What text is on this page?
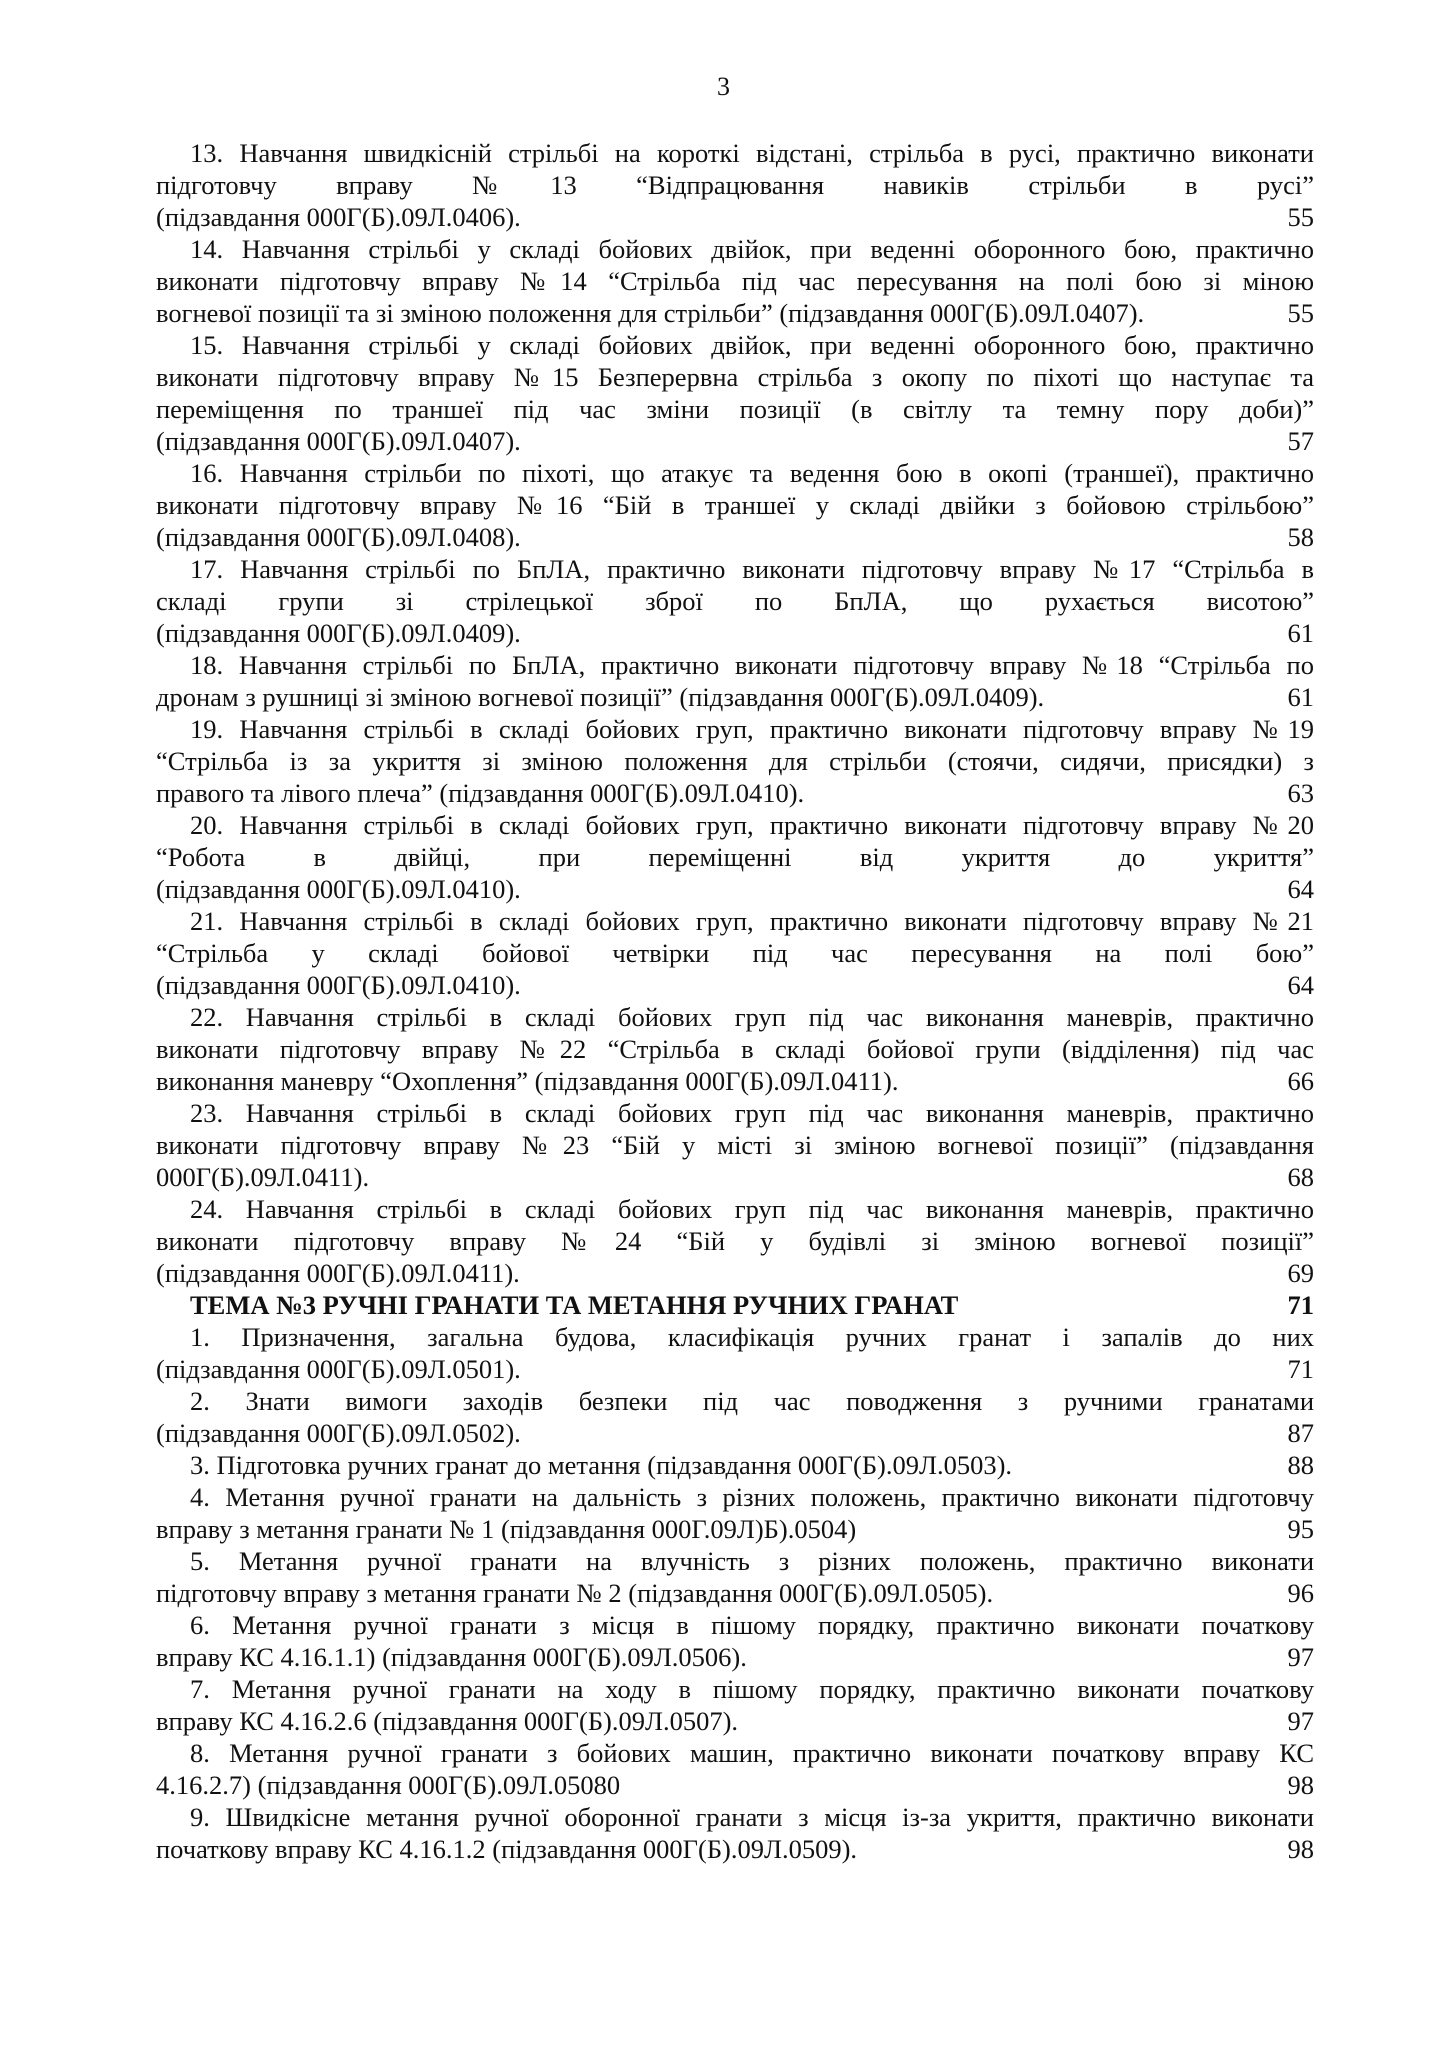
3
13. Навчання швидкісній стрільбі на короткі відстані, стрільба в русі, практично виконати
підготовчу вправу №13 “Відпрацювання навиків стрільби в русі”
(підзавдання 000Г(Б).09Л.0406).	55
14. Навчання стрільбі у складі бойових двійок, при веденні оборонного бою, практично
виконати підготовчу вправу №14 “Стрільба під час пересування на полі бою зі міною
вогневої позиції та зі зміною положення для стрільби” (підзавдання 000Г(Б).09Л.0407).	55
15. Навчання стрільбі у складі бойових двійок, при веденні оборонного бою, практично
виконати підготовчу вправу №15 Безперервна стрільба з окопу по піхоті що наступає та
переміщення по траншеї під час зміни позиції (в світлу та темну пору доби)”
(підзавдання 000Г(Б).09Л.0407).	57
16. Навчання стрільби по піхоті, що атакує та ведення бою в окопі (траншеї), практично
виконати підготовчу вправу №16 “Бій в траншеї у складі двійки з бойовою стрільбою”
(підзавдання 000Г(Б).09Л.0408).	58
17. Навчання стрільбі по БпЛА, практично виконати підготовчу вправу №17 “Стрільба в
складі групи зі стрілецької зброї по БпЛА, що рухається висотою”
(підзавдання 000Г(Б).09Л.0409).	61
18. Навчання стрільбі по БпЛА, практично виконати підготовчу вправу №18 “Стрільба по
дронам з рушниці зі зміною вогневої позиції” (підзавдання 000Г(Б).09Л.0409).	61
19. Навчання стрільбі в складі бойових груп, практично виконати підготовчу вправу №19
“Стрільба із за укриття зі зміною положення для стрільби (стоячи, сидячи, присядки) з
правого та лівого плеча” (підзавдання 000Г(Б).09Л.0410).	63
20. Навчання стрільбі в складі бойових груп, практично виконати підготовчу вправу №20
“Робота в двійці, при переміщенні від укриття до укриття”
(підзавдання 000Г(Б).09Л.0410).	64
21. Навчання стрільбі в складі бойових груп, практично виконати підготовчу вправу №21
“Стрільба у складі бойової четвірки під час пересування на полі бою”
(підзавдання 000Г(Б).09Л.0410).	64
22. Навчання стрільбі в складі бойових груп під час виконання маневрів, практично
виконати підготовчу вправу №22 “Стрільба в складі бойової групи (відділення) під час
виконання маневру “Охоплення” (підзавдання 000Г(Б).09Л.0411).	66
23. Навчання стрільбі в складі бойових груп під час виконання маневрів, практично
виконати підготовчу вправу №23 “Бій у місті зі зміною вогневої позиції” (підзавдання
000Г(Б).09Л.0411).	68
24. Навчання стрільбі в складі бойових груп під час виконання маневрів, практично
виконати підготовчу вправу №24 “Бій у будівлі зі зміною вогневої позиції”
(підзавдання 000Г(Б).09Л.0411).	69
ТЕМА №3 РУЧНІ ГРАНАТИ ТА МЕТАННЯ РУЧНИХ ГРАНАТ	71
1. Призначення, загальна будова, класифікація ручних гранат і запалів до них
(підзавдання 000Г(Б).09Л.0501).	71
2. Знати вимоги заходів безпеки під час поводження з ручними гранатами
(підзавдання 000Г(Б).09Л.0502).	87
3. Підготовка ручних гранат до метання (підзавдання 000Г(Б).09Л.0503).	88
4. Метання ручної гранати на дальність з різних положень, практично виконати підготовчу
вправу з метання гранати № 1 (підзавдання 000Г.09Л)Б).0504)	95
5. Метання ручної гранати на влучність з різних положень, практично виконати
підготовчу вправу з метання гранати № 2 (підзавдання 000Г(Б).09Л.0505).	96
6. Метання ручної гранати з місця в пішому порядку, практично виконати початкову
вправу КС 4.16.1.1) (підзавдання 000Г(Б).09Л.0506).	97
7. Метання ручної гранати на ходу в пішому порядку, практично виконати початкову
вправу КС 4.16.2.6 (підзавдання 000Г(Б).09Л.0507).	97
8. Метання ручної гранати з бойових машин, практично виконати початкову вправу КС
4.16.2.7) (підзавдання 000Г(Б).09Л.05080	98
9. Швидкісне метання ручної оборонної гранати з місця із-за укриття, практично виконати
початкову вправу КС 4.16.1.2 (підзавдання 000Г(Б).09Л.0509).	98
